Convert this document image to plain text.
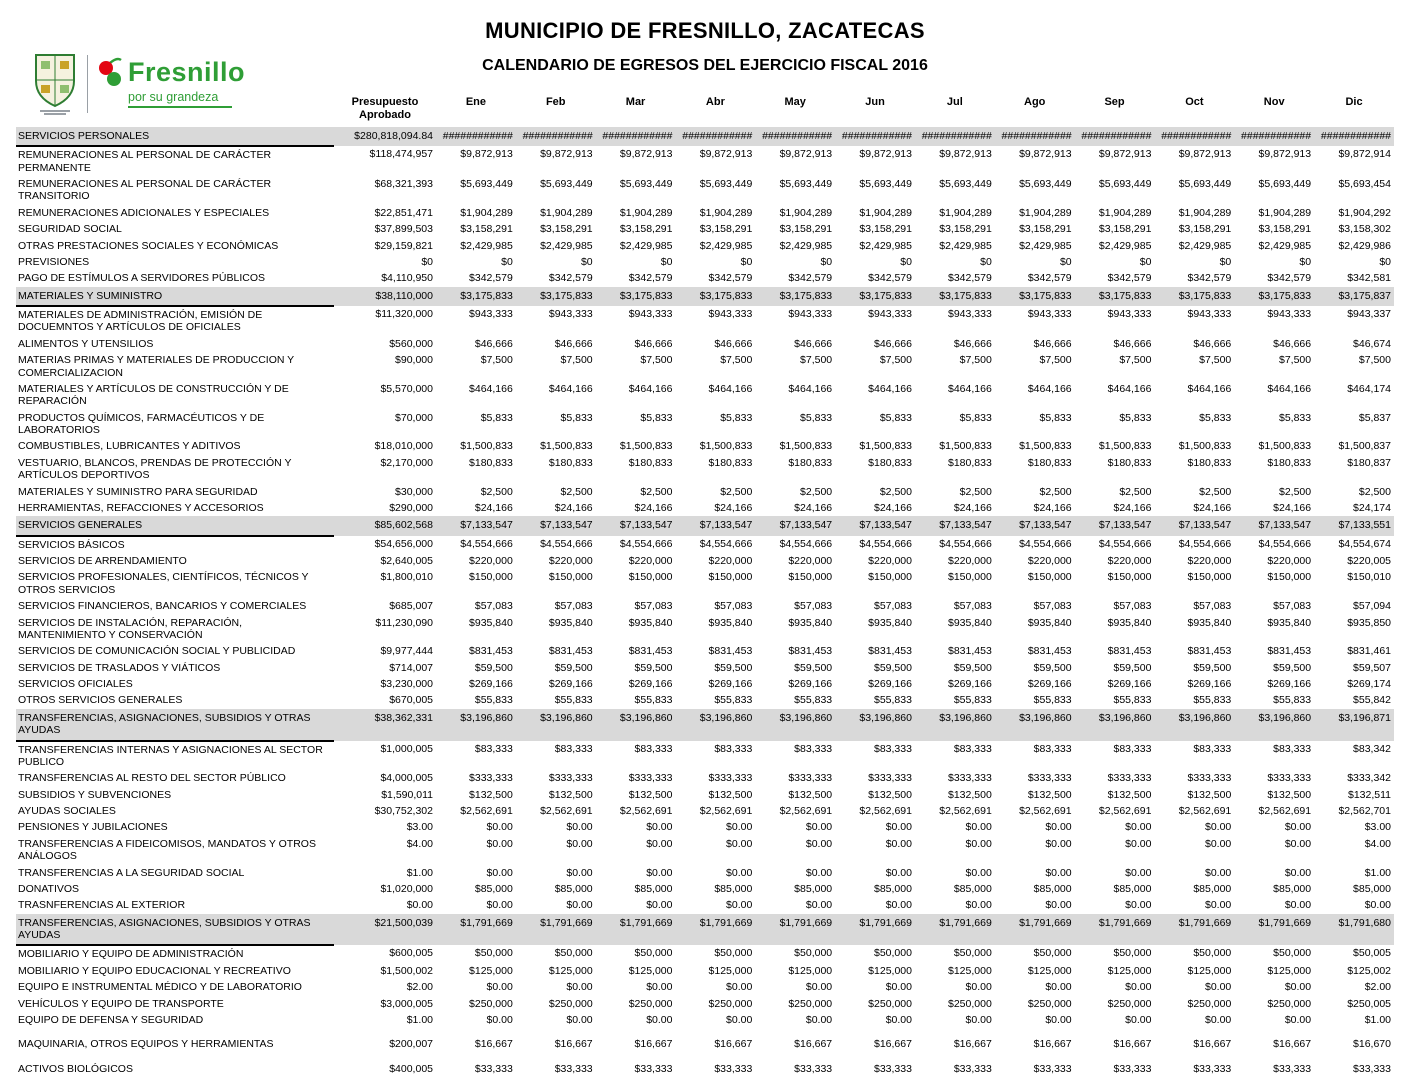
Fresnillo
por su grandeza
MUNICIPIO DE FRESNILLO, ZACATECAS
CALENDARIO DE EGRESOS DEL EJERCICIO FISCAL 2016

	Presupuesto
Aprobado	Ene	Feb	Mar	Abr	May	Jun	Jul	Ago	Sep	Oct	Nov	Dic
SERVICIOS PERSONALES	$280,818,094.84	############	############	############	############	############	############	############	############	############	############	############	############
REMUNERACIONES AL PERSONAL DE CARÁCTER PERMANENTE	$118,474,957	$9,872,913	$9,872,913	$9,872,913	$9,872,913	$9,872,913	$9,872,913	$9,872,913	$9,872,913	$9,872,913	$9,872,913	$9,872,913	$9,872,914
REMUNERACIONES AL PERSONAL DE CARÁCTER TRANSITORIO	$68,321,393	$5,693,449	$5,693,449	$5,693,449	$5,693,449	$5,693,449	$5,693,449	$5,693,449	$5,693,449	$5,693,449	$5,693,449	$5,693,449	$5,693,454
REMUNERACIONES ADICIONALES Y ESPECIALES	$22,851,471	$1,904,289	$1,904,289	$1,904,289	$1,904,289	$1,904,289	$1,904,289	$1,904,289	$1,904,289	$1,904,289	$1,904,289	$1,904,289	$1,904,292
SEGURIDAD SOCIAL	$37,899,503	$3,158,291	$3,158,291	$3,158,291	$3,158,291	$3,158,291	$3,158,291	$3,158,291	$3,158,291	$3,158,291	$3,158,291	$3,158,291	$3,158,302
OTRAS PRESTACIONES SOCIALES Y ECONÓMICAS	$29,159,821	$2,429,985	$2,429,985	$2,429,985	$2,429,985	$2,429,985	$2,429,985	$2,429,985	$2,429,985	$2,429,985	$2,429,985	$2,429,985	$2,429,986
PREVISIONES	$0	$0	$0	$0	$0	$0	$0	$0	$0	$0	$0	$0	$0
PAGO DE ESTÍMULOS A SERVIDORES PÚBLICOS	$4,110,950	$342,579	$342,579	$342,579	$342,579	$342,579	$342,579	$342,579	$342,579	$342,579	$342,579	$342,579	$342,581
MATERIALES Y SUMINISTRO	$38,110,000	$3,175,833	$3,175,833	$3,175,833	$3,175,833	$3,175,833	$3,175,833	$3,175,833	$3,175,833	$3,175,833	$3,175,833	$3,175,833	$3,175,837
MATERIALES DE ADMINISTRACIÓN, EMISIÓN DE DOCUEMNTOS Y ARTÍCULOS DE OFICIALES	$11,320,000	$943,333	$943,333	$943,333	$943,333	$943,333	$943,333	$943,333	$943,333	$943,333	$943,333	$943,333	$943,337
ALIMENTOS Y UTENSILIOS	$560,000	$46,666	$46,666	$46,666	$46,666	$46,666	$46,666	$46,666	$46,666	$46,666	$46,666	$46,666	$46,674
MATERIAS PRIMAS Y MATERIALES DE PRODUCCION Y COMERCIALIZACION	$90,000	$7,500	$7,500	$7,500	$7,500	$7,500	$7,500	$7,500	$7,500	$7,500	$7,500	$7,500	$7,500
MATERIALES Y ARTÍCULOS DE CONSTRUCCIÓN Y DE REPARACIÓN	$5,570,000	$464,166	$464,166	$464,166	$464,166	$464,166	$464,166	$464,166	$464,166	$464,166	$464,166	$464,166	$464,174
PRODUCTOS QUÍMICOS, FARMACÉUTICOS Y DE LABORATORIOS	$70,000	$5,833	$5,833	$5,833	$5,833	$5,833	$5,833	$5,833	$5,833	$5,833	$5,833	$5,833	$5,837
COMBUSTIBLES, LUBRICANTES Y ADITIVOS	$18,010,000	$1,500,833	$1,500,833	$1,500,833	$1,500,833	$1,500,833	$1,500,833	$1,500,833	$1,500,833	$1,500,833	$1,500,833	$1,500,833	$1,500,837
VESTUARIO, BLANCOS, PRENDAS DE PROTECCIÓN Y ARTÍCULOS DEPORTIVOS	$2,170,000	$180,833	$180,833	$180,833	$180,833	$180,833	$180,833	$180,833	$180,833	$180,833	$180,833	$180,833	$180,837
MATERIALES Y SUMINISTRO PARA SEGURIDAD	$30,000	$2,500	$2,500	$2,500	$2,500	$2,500	$2,500	$2,500	$2,500	$2,500	$2,500	$2,500	$2,500
HERRAMIENTAS, REFACCIONES Y ACCESORIOS	$290,000	$24,166	$24,166	$24,166	$24,166	$24,166	$24,166	$24,166	$24,166	$24,166	$24,166	$24,166	$24,174
SERVICIOS GENERALES	$85,602,568	$7,133,547	$7,133,547	$7,133,547	$7,133,547	$7,133,547	$7,133,547	$7,133,547	$7,133,547	$7,133,547	$7,133,547	$7,133,547	$7,133,551
SERVICIOS BÁSICOS	$54,656,000	$4,554,666	$4,554,666	$4,554,666	$4,554,666	$4,554,666	$4,554,666	$4,554,666	$4,554,666	$4,554,666	$4,554,666	$4,554,666	$4,554,674
SERVICIOS DE ARRENDAMIENTO	$2,640,005	$220,000	$220,000	$220,000	$220,000	$220,000	$220,000	$220,000	$220,000	$220,000	$220,000	$220,000	$220,005
SERVICIOS PROFESIONALES, CIENTÍFICOS, TÉCNICOS Y OTROS SERVICIOS	$1,800,010	$150,000	$150,000	$150,000	$150,000	$150,000	$150,000	$150,000	$150,000	$150,000	$150,000	$150,000	$150,010
SERVICIOS FINANCIEROS, BANCARIOS Y COMERCIALES	$685,007	$57,083	$57,083	$57,083	$57,083	$57,083	$57,083	$57,083	$57,083	$57,083	$57,083	$57,083	$57,094
SERVICIOS DE INSTALACIÓN, REPARACIÓN, MANTENIMIENTO Y CONSERVACIÓN	$11,230,090	$935,840	$935,840	$935,840	$935,840	$935,840	$935,840	$935,840	$935,840	$935,840	$935,840	$935,840	$935,850
SERVICIOS DE COMUNICACIÓN SOCIAL Y PUBLICIDAD	$9,977,444	$831,453	$831,453	$831,453	$831,453	$831,453	$831,453	$831,453	$831,453	$831,453	$831,453	$831,453	$831,461
SERVICIOS DE TRASLADOS Y VIÁTICOS	$714,007	$59,500	$59,500	$59,500	$59,500	$59,500	$59,500	$59,500	$59,500	$59,500	$59,500	$59,500	$59,507
SERVICIOS OFICIALES	$3,230,000	$269,166	$269,166	$269,166	$269,166	$269,166	$269,166	$269,166	$269,166	$269,166	$269,166	$269,166	$269,174
OTROS SERVICIOS GENERALES	$670,005	$55,833	$55,833	$55,833	$55,833	$55,833	$55,833	$55,833	$55,833	$55,833	$55,833	$55,833	$55,842
TRANSFERENCIAS, ASIGNACIONES, SUBSIDIOS Y OTRAS AYUDAS	$38,362,331	$3,196,860	$3,196,860	$3,196,860	$3,196,860	$3,196,860	$3,196,860	$3,196,860	$3,196,860	$3,196,860	$3,196,860	$3,196,860	$3,196,871
TRANSFERENCIAS INTERNAS Y ASIGNACIONES AL SECTOR PUBLICO	$1,000,005	$83,333	$83,333	$83,333	$83,333	$83,333	$83,333	$83,333	$83,333	$83,333	$83,333	$83,333	$83,342
TRANSFERENCIAS AL RESTO DEL SECTOR PÚBLICO	$4,000,005	$333,333	$333,333	$333,333	$333,333	$333,333	$333,333	$333,333	$333,333	$333,333	$333,333	$333,333	$333,342
SUBSIDIOS Y SUBVENCIONES	$1,590,011	$132,500	$132,500	$132,500	$132,500	$132,500	$132,500	$132,500	$132,500	$132,500	$132,500	$132,500	$132,511
AYUDAS SOCIALES	$30,752,302	$2,562,691	$2,562,691	$2,562,691	$2,562,691	$2,562,691	$2,562,691	$2,562,691	$2,562,691	$2,562,691	$2,562,691	$2,562,691	$2,562,701
PENSIONES Y JUBILACIONES	$3.00	$0.00	$0.00	$0.00	$0.00	$0.00	$0.00	$0.00	$0.00	$0.00	$0.00	$0.00	$3.00
TRANSFERENCIAS A FIDEICOMISOS, MANDATOS Y OTROS ANÁLOGOS	$4.00	$0.00	$0.00	$0.00	$0.00	$0.00	$0.00	$0.00	$0.00	$0.00	$0.00	$0.00	$4.00
TRANSFERENCIAS A LA SEGURIDAD SOCIAL	$1.00	$0.00	$0.00	$0.00	$0.00	$0.00	$0.00	$0.00	$0.00	$0.00	$0.00	$0.00	$1.00
DONATIVOS	$1,020,000	$85,000	$85,000	$85,000	$85,000	$85,000	$85,000	$85,000	$85,000	$85,000	$85,000	$85,000	$85,000
TRASNFERENCIAS AL EXTERIOR	$0.00	$0.00	$0.00	$0.00	$0.00	$0.00	$0.00	$0.00	$0.00	$0.00	$0.00	$0.00	$0.00
TRANSFERENCIAS, ASIGNACIONES, SUBSIDIOS Y OTRAS AYUDAS	$21,500,039	$1,791,669	$1,791,669	$1,791,669	$1,791,669	$1,791,669	$1,791,669	$1,791,669	$1,791,669	$1,791,669	$1,791,669	$1,791,669	$1,791,680
MOBILIARIO Y EQUIPO DE ADMINISTRACIÓN	$600,005	$50,000	$50,000	$50,000	$50,000	$50,000	$50,000	$50,000	$50,000	$50,000	$50,000	$50,000	$50,005
MOBILIARIO Y EQUIPO EDUCACIONAL Y RECREATIVO	$1,500,002	$125,000	$125,000	$125,000	$125,000	$125,000	$125,000	$125,000	$125,000	$125,000	$125,000	$125,000	$125,002
EQUIPO E INSTRUMENTAL MÉDICO Y DE LABORATORIO	$2.00	$0.00	$0.00	$0.00	$0.00	$0.00	$0.00	$0.00	$0.00	$0.00	$0.00	$0.00	$2.00
VEHÍCULOS Y EQUIPO DE TRANSPORTE	$3,000,005	$250,000	$250,000	$250,000	$250,000	$250,000	$250,000	$250,000	$250,000	$250,000	$250,000	$250,000	$250,005
EQUIPO DE DEFENSA Y SEGURIDAD	$1.00	$0.00	$0.00	$0.00	$0.00	$0.00	$0.00	$0.00	$0.00	$0.00	$0.00	$0.00	$1.00
MAQUINARIA, OTROS EQUIPOS Y HERRAMIENTAS	$200,007	$16,667	$16,667	$16,667	$16,667	$16,667	$16,667	$16,667	$16,667	$16,667	$16,667	$16,667	$16,670
ACTIVOS BIOLÓGICOS	$400,005	$33,333	$33,333	$33,333	$33,333	$33,333	$33,333	$33,333	$33,333	$33,333	$33,333	$33,333	$33,333
